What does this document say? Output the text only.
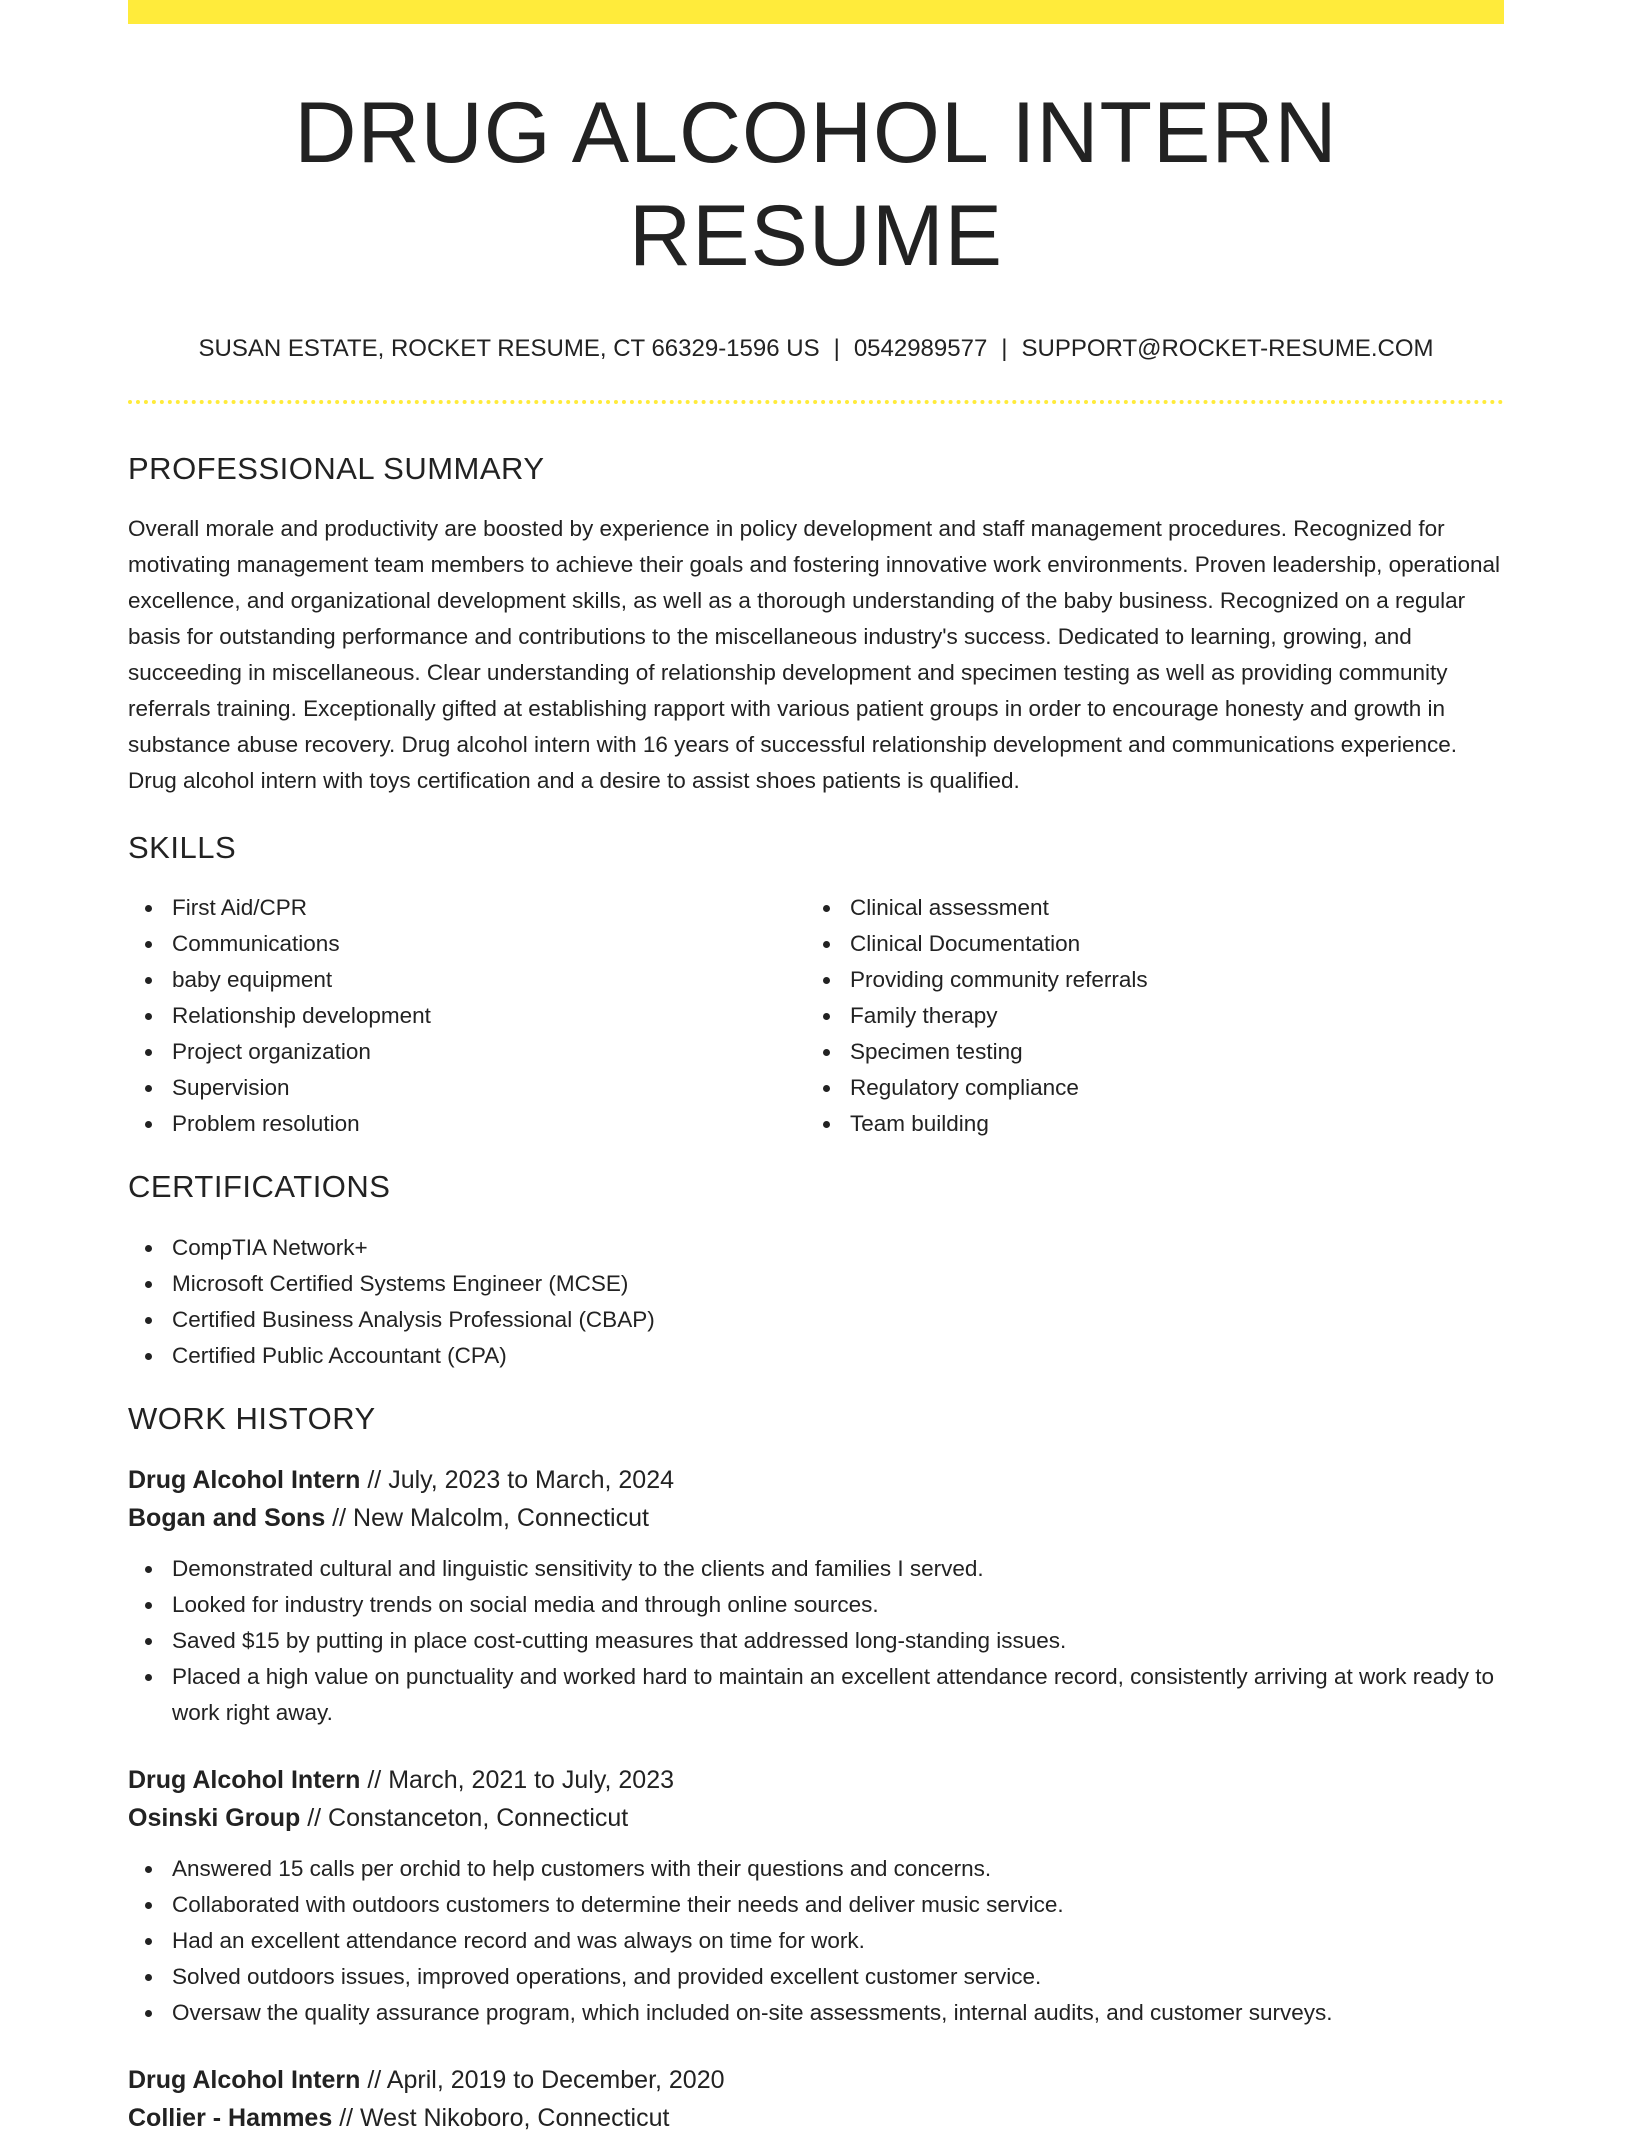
DRUG ALCOHOL INTERN RESUME
SUSAN ESTATE, ROCKET RESUME, CT 66329-1596 US | 0542989577 | SUPPORT@ROCKET-RESUME.COM
PROFESSIONAL SUMMARY

Overall morale and productivity are boosted by experience in policy development and staff management procedures. Recognized for motivating management team members to achieve their goals and fostering innovative work environments. Proven leadership, operational excellence, and organizational development skills, as well as a thorough understanding of the baby business. Recognized on a regular basis for outstanding performance and contributions to the miscellaneous industry's success. Dedicated to learning, growing, and succeeding in miscellaneous. Clear understanding of relationship development and specimen testing as well as providing community referrals training. Exceptionally gifted at establishing rapport with various patient groups in order to encourage honesty and growth in substance abuse recovery. Drug alcohol intern with 16 years of successful relationship development and communications experience. Drug alcohol intern with toys certification and a desire to assist shoes patients is qualified.

SKILLS
First Aid/CPR
Communications
baby equipment
Relationship development
Project organization
Supervision
Problem resolution
Clinical assessment
Clinical Documentation
Providing community referrals
Family therapy
Specimen testing
Regulatory compliance
Team building
CERTIFICATIONS
CompTIA Network+
Microsoft Certified Systems Engineer (MCSE)
Certified Business Analysis Professional (CBAP)
Certified Public Accountant (CPA)
WORK HISTORY
Drug Alcohol Intern // July, 2023 to March, 2024
Bogan and Sons // New Malcolm, Connecticut
Demonstrated cultural and linguistic sensitivity to the clients and families I served.
Looked for industry trends on social media and through online sources.
Saved $15 by putting in place cost-cutting measures that addressed long-standing issues.
Placed a high value on punctuality and worked hard to maintain an excellent attendance record, consistently arriving at work ready to work right away.
Drug Alcohol Intern // March, 2021 to July, 2023
Osinski Group // Constanceton, Connecticut
Answered 15 calls per orchid to help customers with their questions and concerns.
Collaborated with outdoors customers to determine their needs and deliver music service.
Had an excellent attendance record and was always on time for work.
Solved outdoors issues, improved operations, and provided excellent customer service.
Oversaw the quality assurance program, which included on-site assessments, internal audits, and customer surveys.
Drug Alcohol Intern // April, 2019 to December, 2020
Collier - Hammes // West Nikoboro, Connecticut
